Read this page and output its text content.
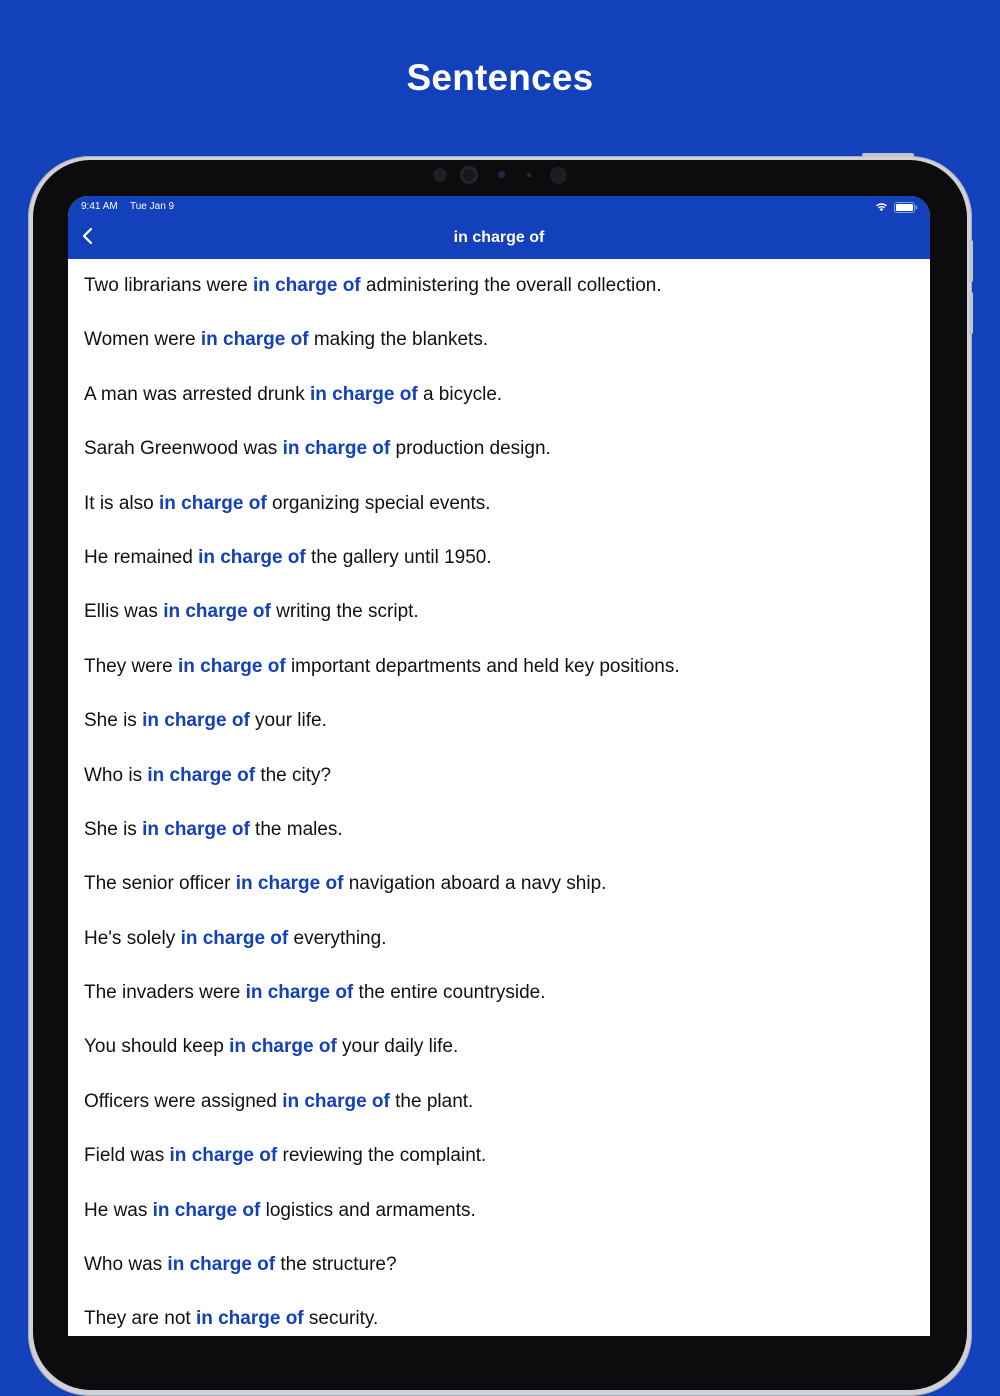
Sentences
9:41 AM Tue Jan 9
in charge of
Two librarians were in charge of administering the overall collection.
Women were in charge of making the blankets.
A man was arrested drunk in charge of a bicycle.
Sarah Greenwood was in charge of production design.
It is also in charge of organizing special events.
He remained in charge of the gallery until 1950.
Ellis was in charge of writing the script.
They were in charge of important departments and held key positions.
She is in charge of your life.
Who is in charge of the city?
She is in charge of the males.
The senior officer in charge of navigation aboard a navy ship.
He's solely in charge of everything.
The invaders were in charge of the entire countryside.
You should keep in charge of your daily life.
Officers were assigned in charge of the plant.
Field was in charge of reviewing the complaint.
He was in charge of logistics and armaments.
Who was in charge of the structure?
They are not in charge of security.
